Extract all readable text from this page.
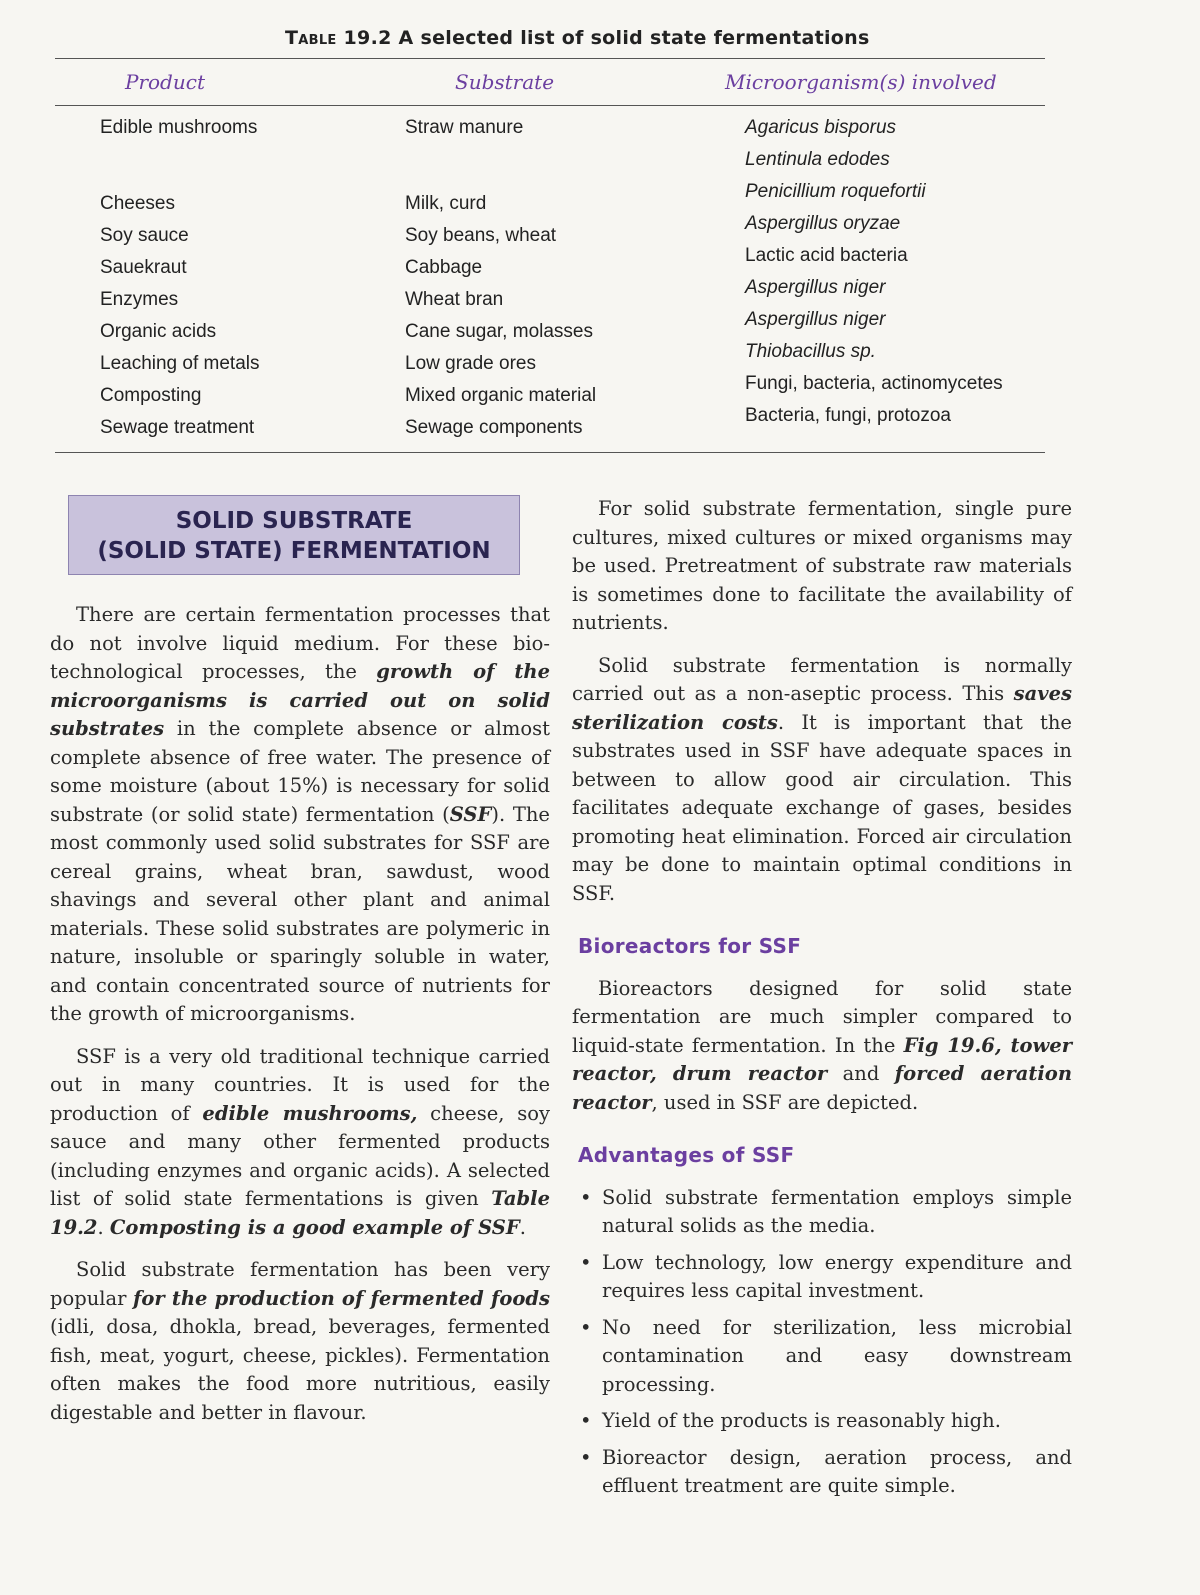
Table 19.2 A selected list of solid state fermentations
Product	Substrate	Microorganism(s) involved
Edible mushrooms
Cheeses
Soy sauce
Sauekraut
Enzymes
Organic acids
Leaching of metals
Composting
Sewage treatment
Straw manure
Milk, curd
Soy beans, wheat
Cabbage
Wheat bran
Cane sugar, molasses
Low grade ores
Mixed organic material
Sewage components
Agaricus bisporus
Lentinula edodes
Penicillium roquefortii
Aspergillus oryzae
Lactic acid bacteria
Aspergillus niger
Aspergillus niger
Thiobacillus sp.
Fungi, bacteria, actinomycetes
Bacteria, fungi, protozoa
SOLID SUBSTRATE
(SOLID STATE) FERMENTATION

There are certain fermentation processes that do not involve liquid medium. For these bio-technological processes, the growth of the microorganisms is carried out on solid substrates in the complete absence or almost complete absence of free water. The presence of some moisture (about 15%) is necessary for solid substrate (or solid state) fermentation (SSF). The most commonly used solid substrates for SSF are cereal grains, wheat bran, sawdust, wood shavings and several other plant and animal materials. These solid substrates are polymeric in nature, insoluble or sparingly soluble in water, and contain concentrated source of nutrients for the growth of microorganisms.

SSF is a very old traditional technique carried out in many countries. It is used for the production of edible mushrooms, cheese, soy sauce and many other fermented products (including enzymes and organic acids). A selected list of solid state fermentations is given Table 19.2. Composting is a good example of SSF.

Solid substrate fermentation has been very popular for the production of fermented foods (idli, dosa, dhokla, bread, beverages, fermented fish, meat, yogurt, cheese, pickles). Fermentation often makes the food more nutritious, easily digestable and better in flavour.

For solid substrate fermentation, single pure cultures, mixed cultures or mixed organisms may be used. Pretreatment of substrate raw materials is sometimes done to facilitate the availability of nutrients.

Solid substrate fermentation is normally carried out as a non-aseptic process. This saves sterilization costs. It is important that the substrates used in SSF have adequate spaces in between to allow good air circulation. This facilitates adequate exchange of gases, besides promoting heat elimination. Forced air circulation may be done to maintain optimal conditions in SSF.

Bioreactors for SSF

Bioreactors designed for solid state fermentation are much simpler compared to liquid-state fermentation. In the Fig 19.6, tower reactor, drum reactor and forced aeration reactor, used in SSF are depicted.

Advantages of SSF
• Solid substrate fermentation employs simple natural solids as the media.
• Low technology, low energy expenditure and requires less capital investment.
• No need for sterilization, less microbial contamination and easy downstream processing.
• Yield of the products is reasonably high.
• Bioreactor design, aeration process, and effluent treatment are quite simple.
